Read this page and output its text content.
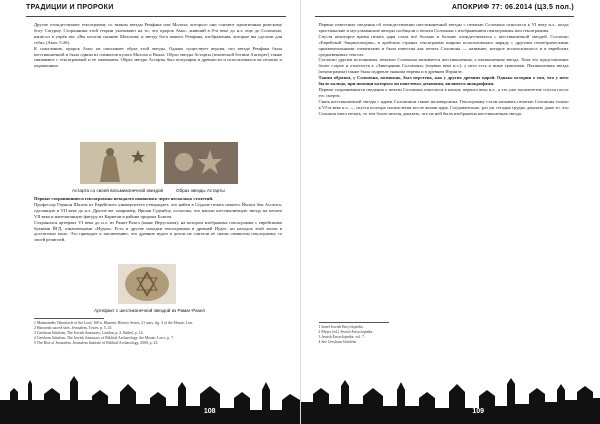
ТРАДИЦИИ И ПРОРОКИ

Другие отождествляют гексаграмму со знаком звезды Ремфана или Молоха, которого они считают идентичным римскому богу Сатурну. Сторонники этой теории указывают на то, что пророк Амос, живший в 8-м веке до н.э. еще до Соломона, написал в упрёк им: «Вы носили скинию Молохову и звезду бога вашего Ремфана, изображения, которые вы сделали для себя» (Амос 5:26).

К сожалению, пророк Амос не описывает образ этой звезды. Однако существует версия, что звезда Ремфана была шестиконечной и была одним из символов культа Молоха и Ваала. Образ звезды Астарты (языческой богини Ашторет) также связывают с гексаграммой и ее значением. Образ звезды Астарты был популярен в древности и использовался на печатях и украшениях.

Астарта со своей восьмиконечной звездой	Образ звезды Астарты

Первые сохранившиеся гексаграммы незадолго появились через несколько столетий.

Профессор Гершон Шалем из Еврейского университета утверждает, что найти в Сидоне печать некоего Йошуа бен Ассаита, сделанную в VII веке до н.э. Другие же, например, Иршан Гуденбоу, согласны, что нашли шестиконечную звезду на печати VII века и напечатанную фигуру из Кармели в районе пророка Елисея.

Сохранился артефакт VI века до н.э. из Рамат-Рахел (ныне Иерусалим), на котором изображена гексаграмма с еврейскими буквами ЙГД, означающими «Иудея». Есть и другие находки гексаграммы в древней Иудее, но находок этой эпохи в достаточно мало. Это приводит к заключению, что древние иудеи в целом не считали её своим символом гексаграмму со своей религией.

Артефакт с шестиконечной звездой из Рамат-Рахел
1 Maimonides Tabernacle of the Lord, 100 n. Masonic History Series, 21 stars, fig. 3 of the Mosaic Law.
2 Hazoreah sacred sites. Jerusalem. Tower, p. 5, 25.
3 Gershom Scholem, The Jewish Sanctuary, London, p. 2. Bethel, p. 14.
4 Gershom Scholem, The Jewish Sanctuary of Biblical Archaeology, the Mosaic Lawc, p. 7.
5 The Rise of Jerusalem, Jerusalem Institute of Biblical Archaeology, 2000, p. 23.
108
АПОКРИФ 77: 06.2014 (Ц3.5 пол.)

Первые известные сведения об отождествлении шестиконечной звезды с печатью Соломона относятся к VI веку н.э., когда христианские и мусульманские авторы сообщали о печати Соломона с изображением пентаграммы или гексаграммы.

Спустя некоторое время печать царя стала всё больше и больше отождествляться с шестиконечной звездой. Согласно «Еврейской Энциклопедии», в арабских странах гексаграмма широко использовалась наряду с другими геометрическими орнаментальными элементами и была известна как печать Соломона — название, которое использовалось и в еврейских средневековых текстах.

Согласно другим источникам, печатью Соломона называется шестиконечная, а пятиконечная звезда. Хотя это представление более старое и относится к «Завещанию Соломона» (первые века н.э.), у него есть и иные трактовки. Пятиконечная звезда (пентаграмма) также была издревле знакома евреям и в древнем Израиле.

Таким образом, у Соломона, возможно, был перстень, как у других древних царей. Однако истории о том, что у него было кольцо, при помощи которого он повелевал демонами, являются апокрифами.

Первые сохранившиеся сведения о печати Соломона относятся к началу первого века н.э., а это уже тысячелетие спустя после его смерти.

Связь шестиконечной звезды с царем Соломоном также маловероятна. Гексаграмму стали называть печатью Соломона только в VI-м веке н.э. — спустя полтора тысячелетия после жизни царя. Следовательно, раз уж сегодня трудно доказать даже то, что Соломон имел печать, то тем более нельзя доказать, что на ней была изображена шестиконечная звезда.

1 Israel Jewish Encyclopedia.
2 Meyer (ed.) Jewish Encyclopedia.
3 Jewish Encyclopedia, vol. 7.
4 See Gershom Scholem.
109
